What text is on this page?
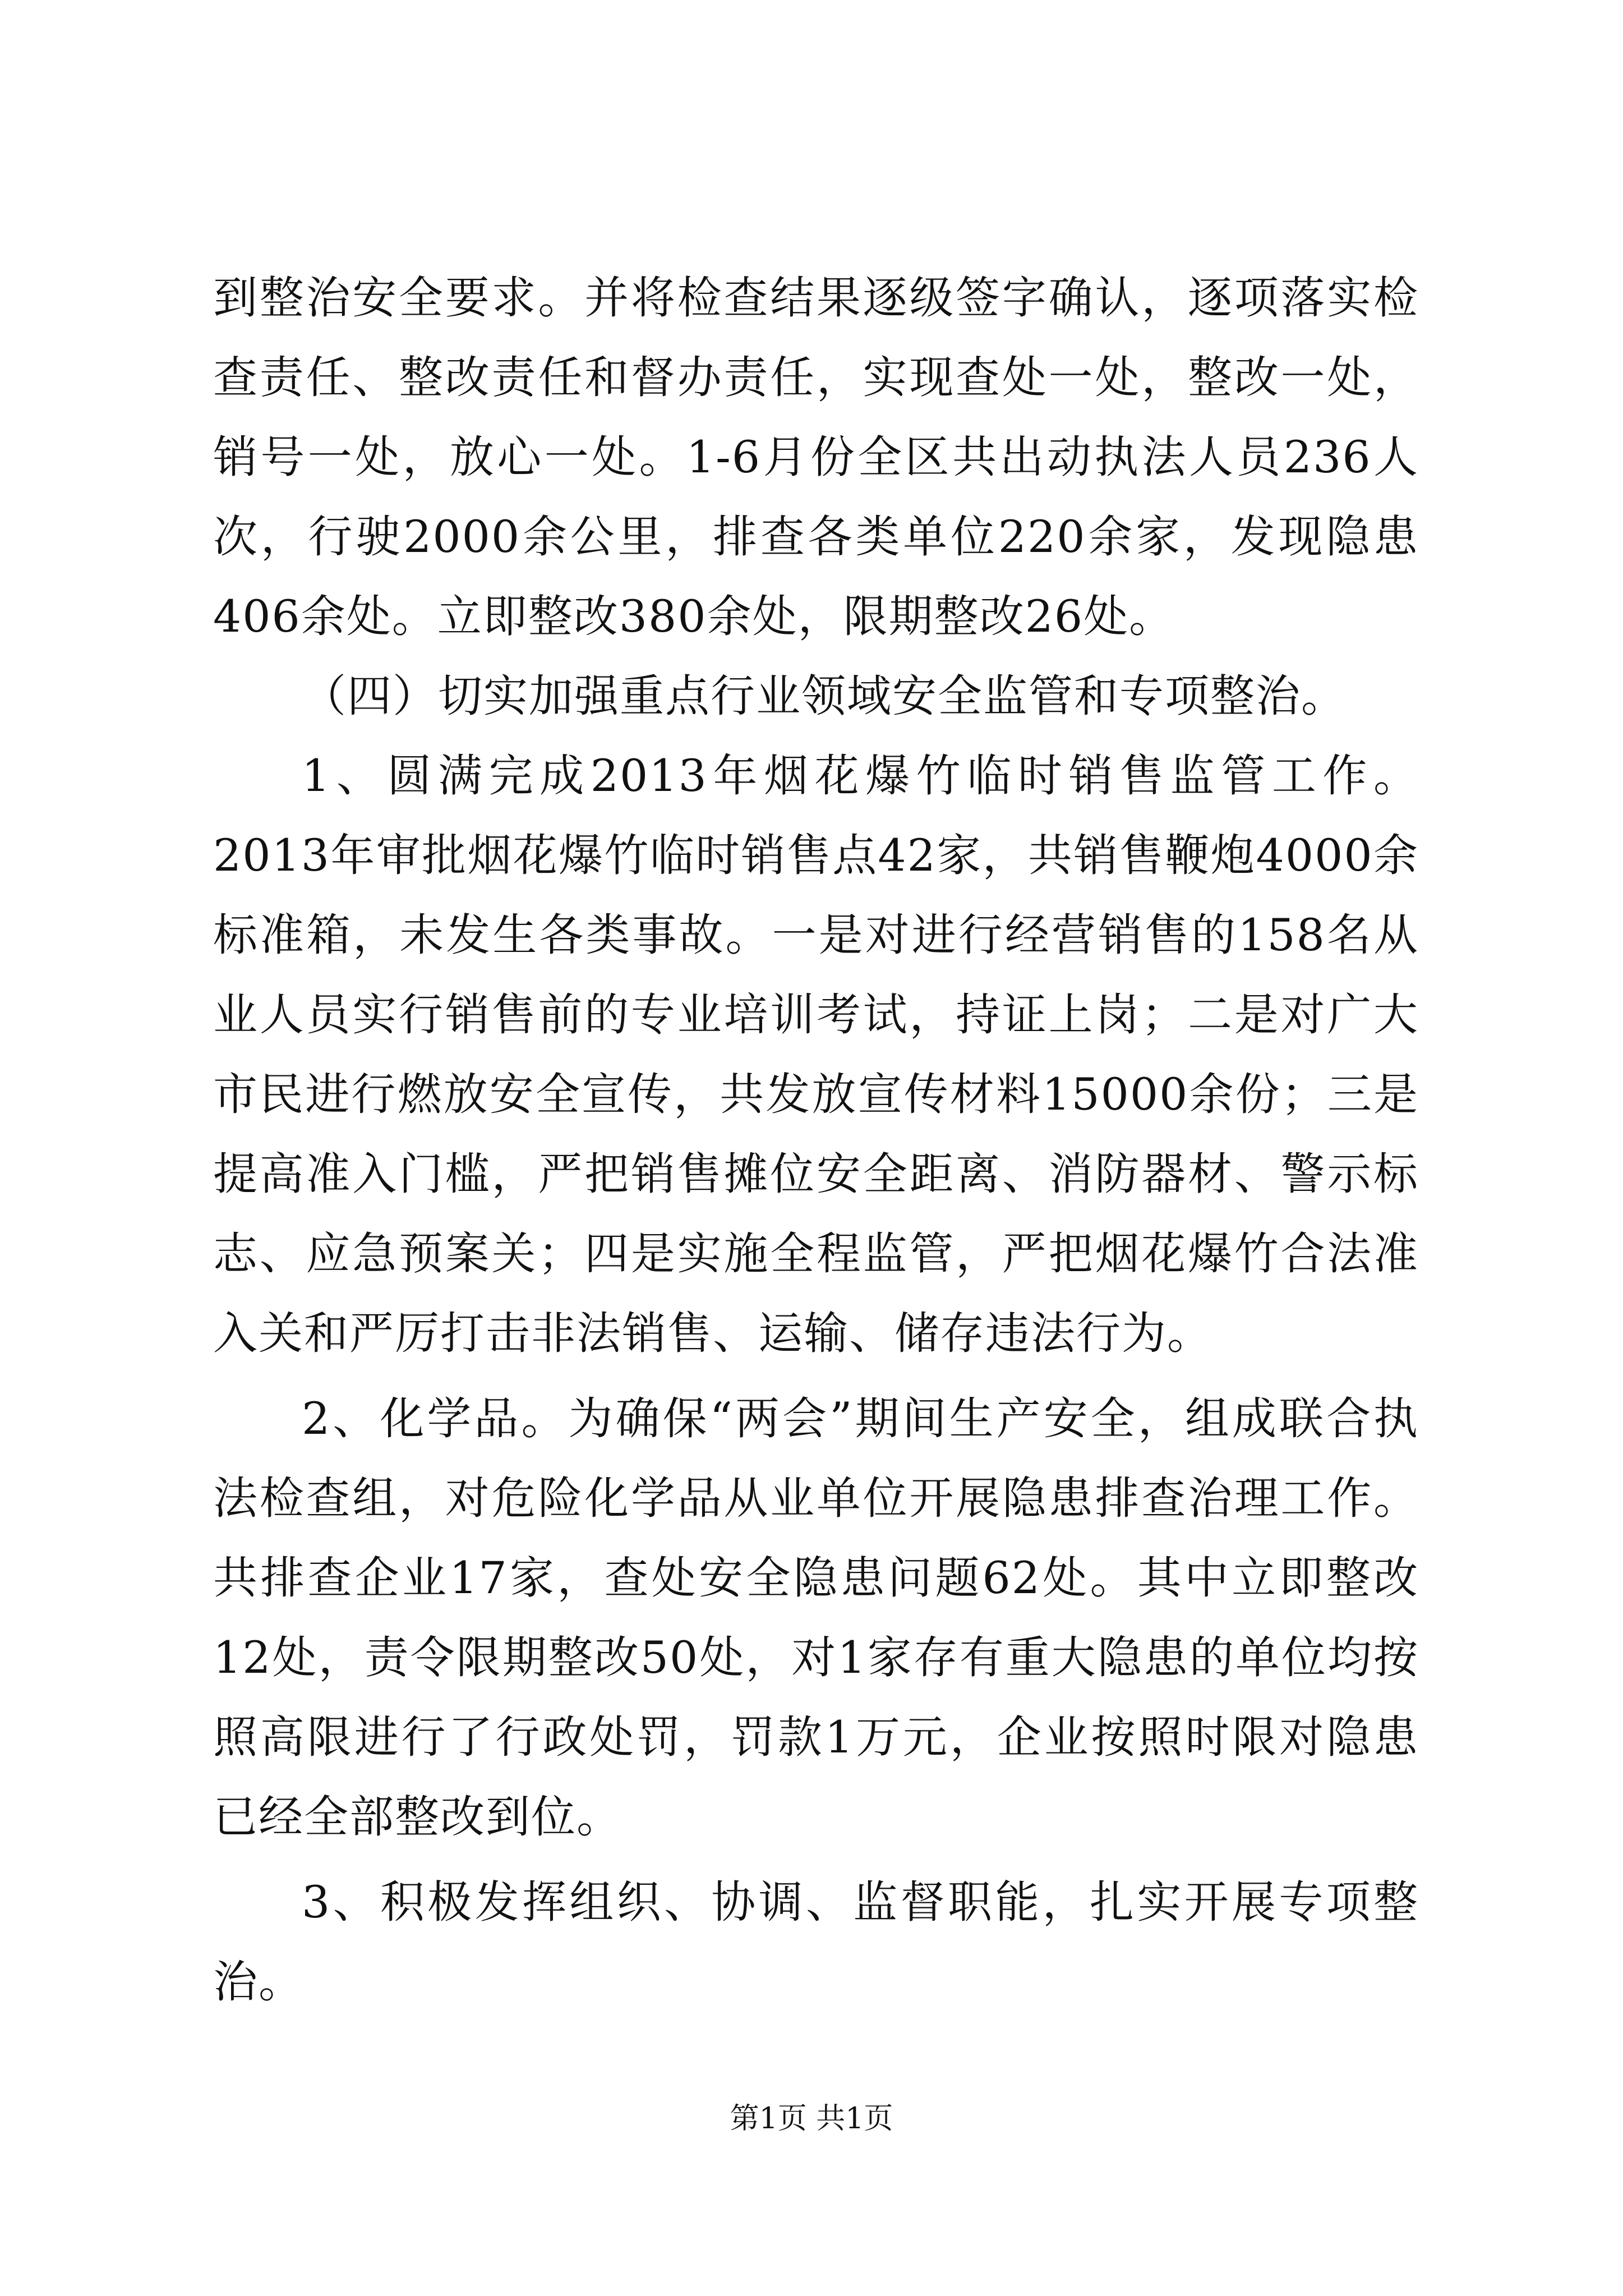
到整治安全要求。并将检查结果逐级签字确认，逐项落实检查责任、整改责任和督办责任，实现查处一处，整改一处，销号一处，放心一处。1-6月份全区共出动执法人员236人次，行驶2000余公里，排查各类单位220余家，发现隐患406余处。立即整改380余处，限期整改26处。

（四）切实加强重点行业领域安全监管和专项整治。

1、圆满完成2013年烟花爆竹临时销售监管工作。2013年审批烟花爆竹临时销售点42家，共销售鞭炮4000余标准箱，未发生各类事故。一是对进行经营销售的158名从业人员实行销售前的专业培训考试，持证上岗；二是对广大市民进行燃放安全宣传，共发放宣传材料15000余份；三是提高准入门槛，严把销售摊位安全距离、消防器材、警示标志、应急预案关；四是实施全程监管，严把烟花爆竹合法准入关和严厉打击非法销售、运输、储存违法行为。

2、化学品。为确保“两会”期间生产安全，组成联合执法检查组，对危险化学品从业单位开展隐患排查治理工作。共排查企业17家，查处安全隐患问题62处。其中立即整改12处，责令限期整改50处，对1家存有重大隐患的单位均按照高限进行了行政处罚，罚款1万元，企业按照时限对隐患已经全部整改到位。

3、积极发挥组织、协调、监督职能，扎实开展专项整治。

第1页 共1页
